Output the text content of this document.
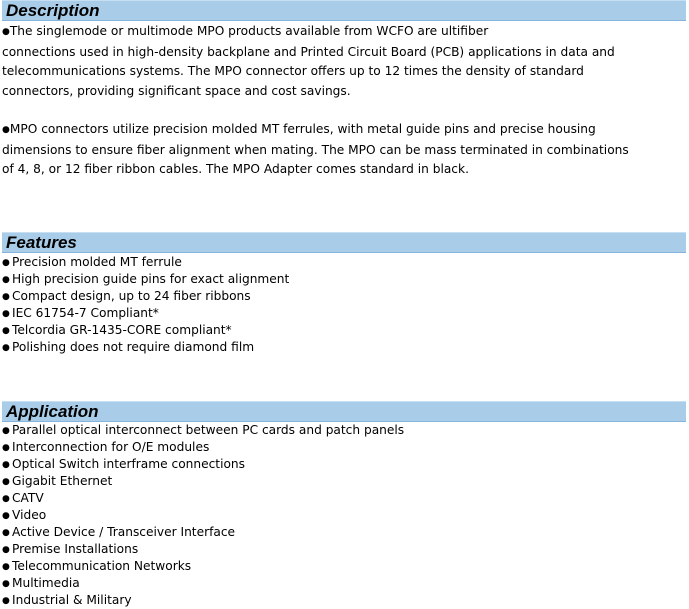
Description
●The singlemode or multimode MPO products available from WCFO are ultifiber
connections used in high-density backplane and Printed Circuit Board (PCB) applications in data and
telecommunications systems. The MPO connector offers up to 12 times the density of standard
connectors, providing significant space and cost savings.
●MPO connectors utilize precision molded MT ferrules, with metal guide pins and precise housing
dimensions to ensure fiber alignment when mating. The MPO can be mass terminated in combinations
of 4, 8, or 12 fiber ribbon cables. The MPO Adapter comes standard in black.
Features
● Precision molded MT ferrule
● High precision guide pins for exact alignment
● Compact design, up to 24 fiber ribbons
● IEC 61754-7 Compliant*
● Telcordia GR-1435-CORE compliant*
● Polishing does not require diamond film
Application
● Parallel optical interconnect between PC cards and patch panels
● Interconnection for O/E modules
● Optical Switch interframe connections
● Gigabit Ethernet
● CATV
● Video
● Active Device / Transceiver Interface
● Premise Installations
● Telecommunication Networks
● Multimedia
● Industrial & Military
